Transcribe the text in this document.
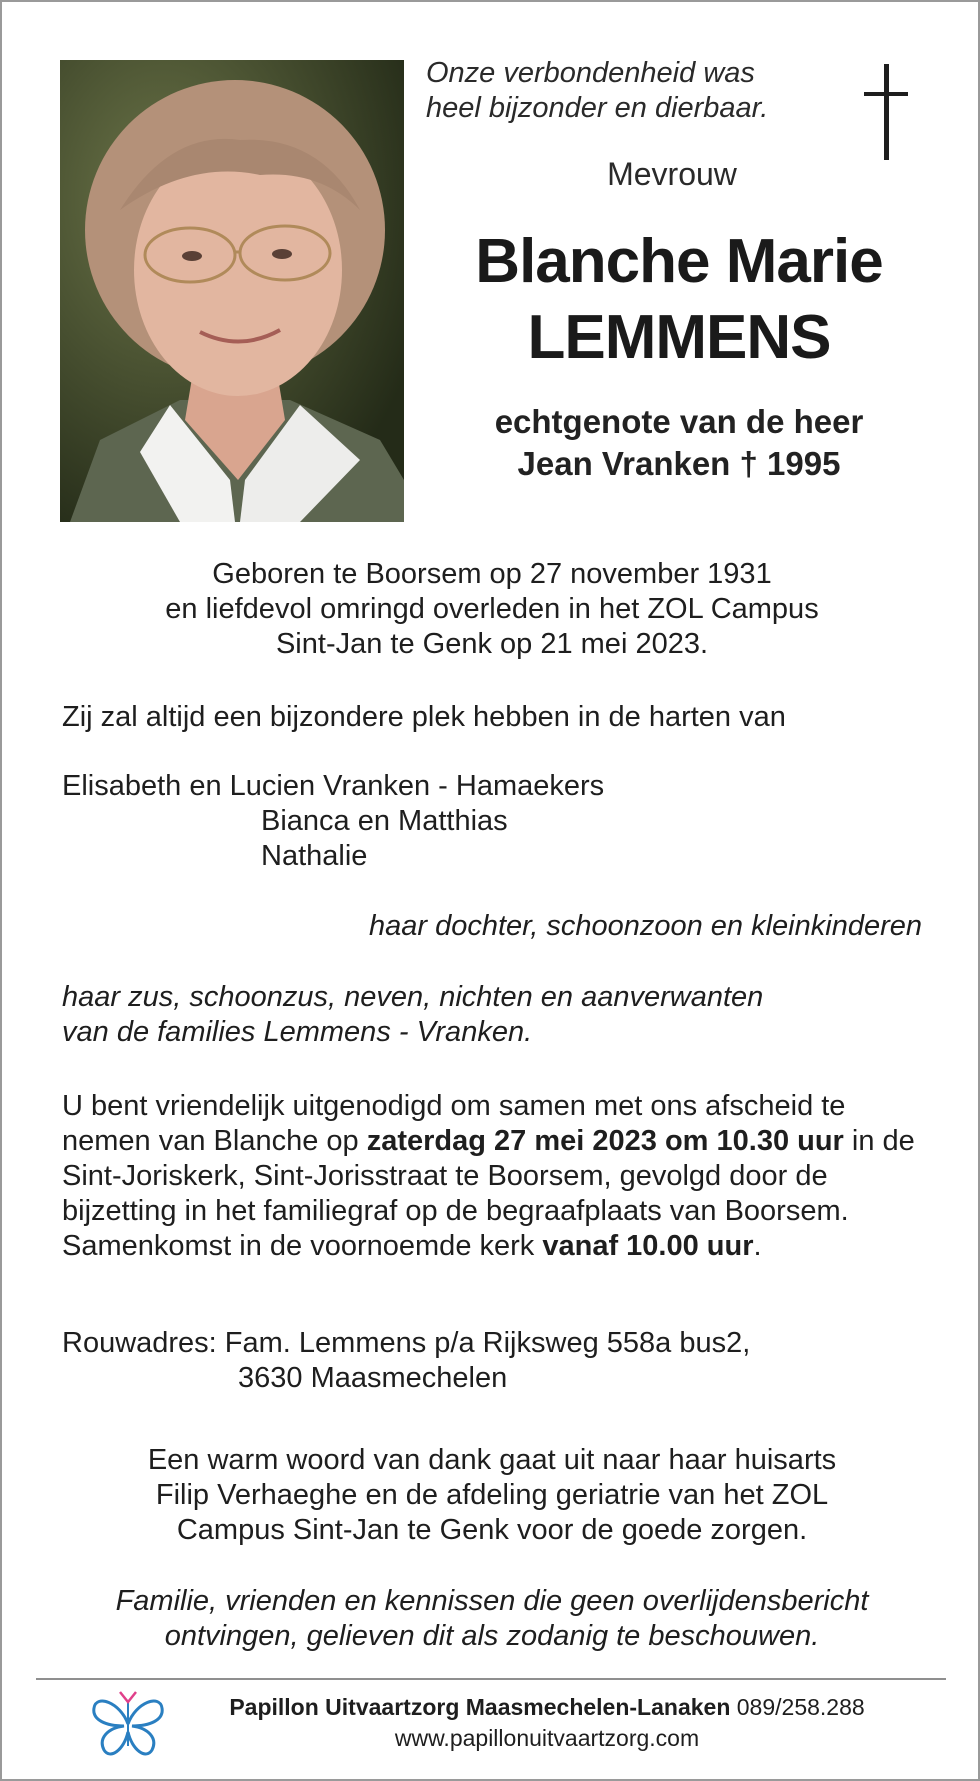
Onze verbondenheid was
heel bijzonder en dierbaar.
Mevrouw
Blanche Marie
LEMMENS
echtgenote van de heer
Jean Vranken † 1995
Geboren te Boorsem op 27 november 1931
en liefdevol omringd overleden in het ZOL Campus
Sint-Jan te Genk op 21 mei 2023.
Zij zal altijd een bijzondere plek hebben in de harten van
Elisabeth en Lucien Vranken - Hamaekers
Bianca en Matthias
Nathalie
haar dochter, schoonzoon en kleinkinderen
haar zus, schoonzus, neven, nichten en aanverwanten
van de families Lemmens - Vranken.
U bent vriendelijk uitgenodigd om samen met ons afscheid te nemen van Blanche op zaterdag 27 mei 2023 om 10.30 uur in de Sint-Joriskerk, Sint-Jorisstraat te Boorsem, gevolgd door de bijzetting in het familiegraf op de begraafplaats van Boorsem. Samenkomst in de voornoemde kerk vanaf 10.00 uur.
Rouwadres: Fam. Lemmens p/a Rijksweg 558a bus2,
3630 Maasmechelen
Een warm woord van dank gaat uit naar haar huisarts
Filip Verhaeghe en de afdeling geriatrie van het ZOL
Campus Sint-Jan te Genk voor de goede zorgen.
Familie, vrienden en kennissen die geen overlijdensbericht
ontvingen, gelieven dit als zodanig te beschouwen.
Papillon Uitvaartzorg Maasmechelen-Lanaken 089/258.288
www.papillonuitvaartzorg.com
